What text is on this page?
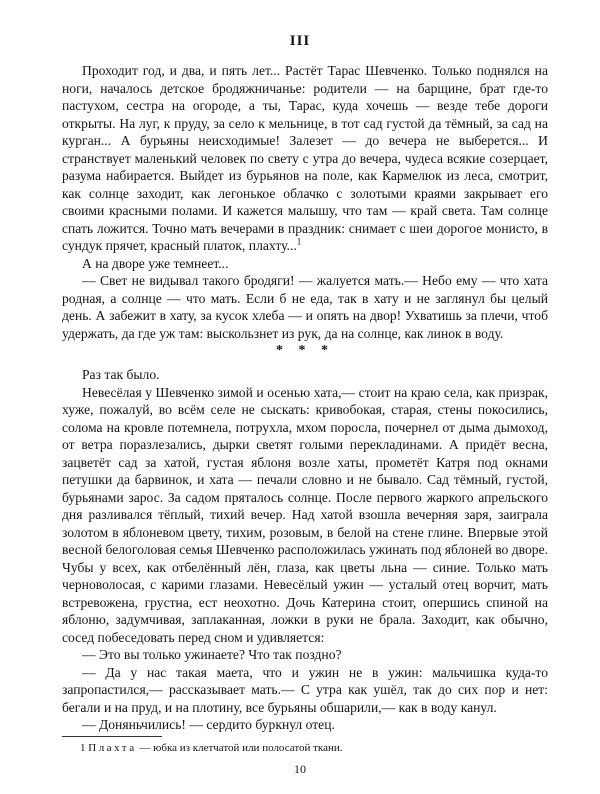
III

Проходит год, и два, и пять лет... Растёт Тарас Шевченко. Только поднялся на ноги, началось детское бродяжничанье: родители — на барщине, брат где-то пастухом, сестра на огороде, а ты, Тарас, куда хочешь — везде тебе дороги открыты. На луг, к пруду, за село к мельнице, в тот сад густой да тёмный, за сад на курган... А бурьяны неисходимые! Залезет — до вечера не выберется... И странствует маленький человек по свету с утра до вечера, чудеса всякие созерцает, разума набирается. Выйдет из бурьянов на поле, как Кармелюк из леса, смотрит, как солнце заходит, как легонькое облачко с золотыми краями закрывает его своими красными полами. И кажется малышу, что там — край света. Там солнце спать ложится. Точно мать вечерами в праздник: снимает с шеи дорогое монисто, в сундук прячет, красный платок, плахту...$^1$

А на дворе уже темнеет...

— Свет не видывал такого бродяги! — жалуется мать.— Небо ему — что хата родная, а солнце — что мать. Если б не еда, так в хату и не заглянул бы целый день. А забежит в хату, за кусок хлеба — и опять на двор! Ухватишь за плечи, чтоб удержать, да где уж там: выскользнет из рук, да на солнце, как линок в воду.

* * *

Раз так было.

Невесёлая у Шевченко зимой и осенью хата,— стоит на краю села, как призрак, хуже, пожалуй, во всём селе не сыскать: кривобокая, старая, стены покосились, солома на кровле потемнела, потрухла, мхом поросла, почернел от дыма дымоход, от ветра поразлезались, дырки светят голыми перекладинами. А придёт весна, зацветёт сад за хатой, густая яблоня возле хаты, прометёт Катря под окнами петушки да барвинок, и хата — печали словно и не бывало. Сад тёмный, густой, бурьянами зарос. За садом пряталось солнце. После первого жаркого апрельского дня разливался тёплый, тихий вечер. Над хатой взошла вечерняя заря, заиграла золотом в яблоневом цвету, тихим, розовым, в белой на стене глине. Впервые этой весной белоголовая семья Шевченко расположилась ужинать под яблоней во дворе. Чубы у всех, как отбелённый лён, глаза, как цветы льна — синие. Только мать черноволосая, с карими глазами. Невесёлый ужин — усталый отец ворчит, мать встревожена, грустна, ест неохотно. Дочь Катерина стоит, опершись спиной на яблоню, задумчивая, заплаканная, ложки в руки не брала. Заходит, как обычно, сосед побеседовать перед сном и удивляется:

— Это вы только ужинаете? Что так поздно?

— Да у нас такая маета, что и ужин не в ужин: мальчишка куда-то запропастился,— рассказывает мать.— С утра как ушёл, так до сих пор и нет: бегали и на пруд, и на плотину, все бурьяны обшарили,— как в воду канул.

— Доняньчились! — сердито буркнул отец.

1 Плахта — юбка из клетчатой или полосатой ткани.
10
